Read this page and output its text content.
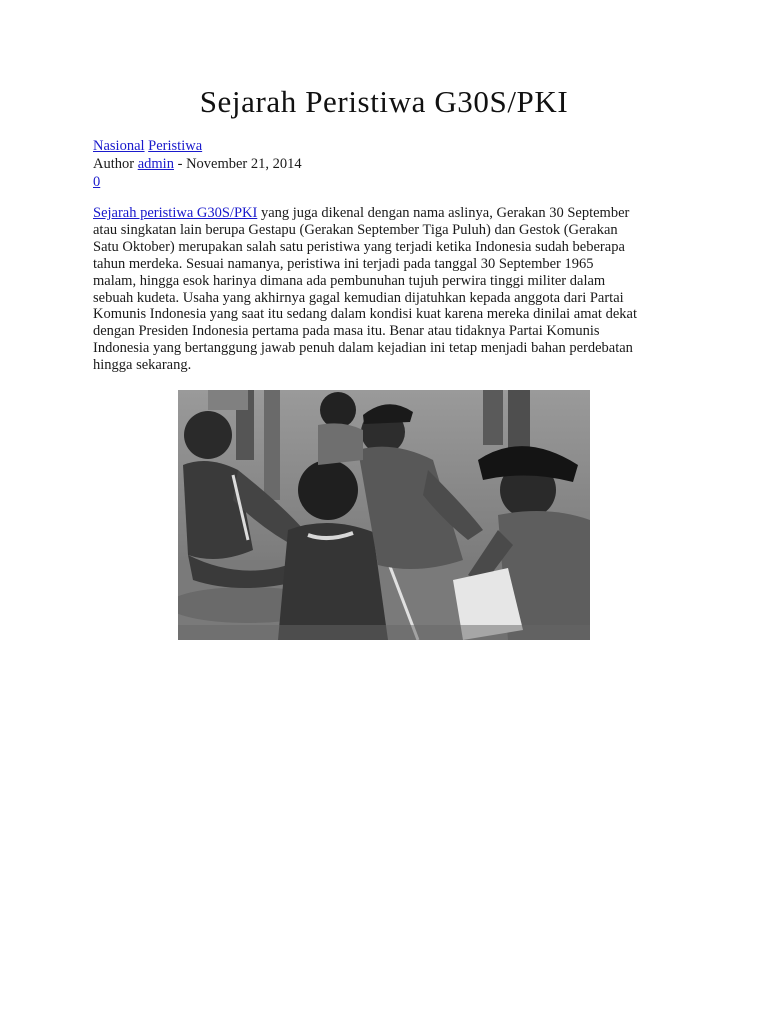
Sejarah Peristiwa G30S/PKI
Nasional Peristiwa
Author admin - November 21, 2014
0

Sejarah peristiwa G30S/PKI yang juga dikenal dengan nama aslinya, Gerakan 30 September
atau singkatan lain berupa Gestapu (Gerakan September Tiga Puluh) dan Gestok (Gerakan
Satu Oktober) merupakan salah satu peristiwa yang terjadi ketika Indonesia sudah beberapa
tahun merdeka. Sesuai namanya, peristiwa ini terjadi pada tanggal 30 September 1965
malam, hingga esok harinya dimana ada pembunuhan tujuh perwira tinggi militer dalam
sebuah kudeta. Usaha yang akhirnya gagal kemudian dijatuhkan kepada anggota dari Partai
Komunis Indonesia yang saat itu sedang dalam kondisi kuat karena mereka dinilai amat dekat
dengan Presiden Indonesia pertama pada masa itu. Benar atau tidaknya Partai Komunis
Indonesia yang bertanggung jawab penuh dalam kejadian ini tetap menjadi bahan perdebatan
hingga sekarang.
